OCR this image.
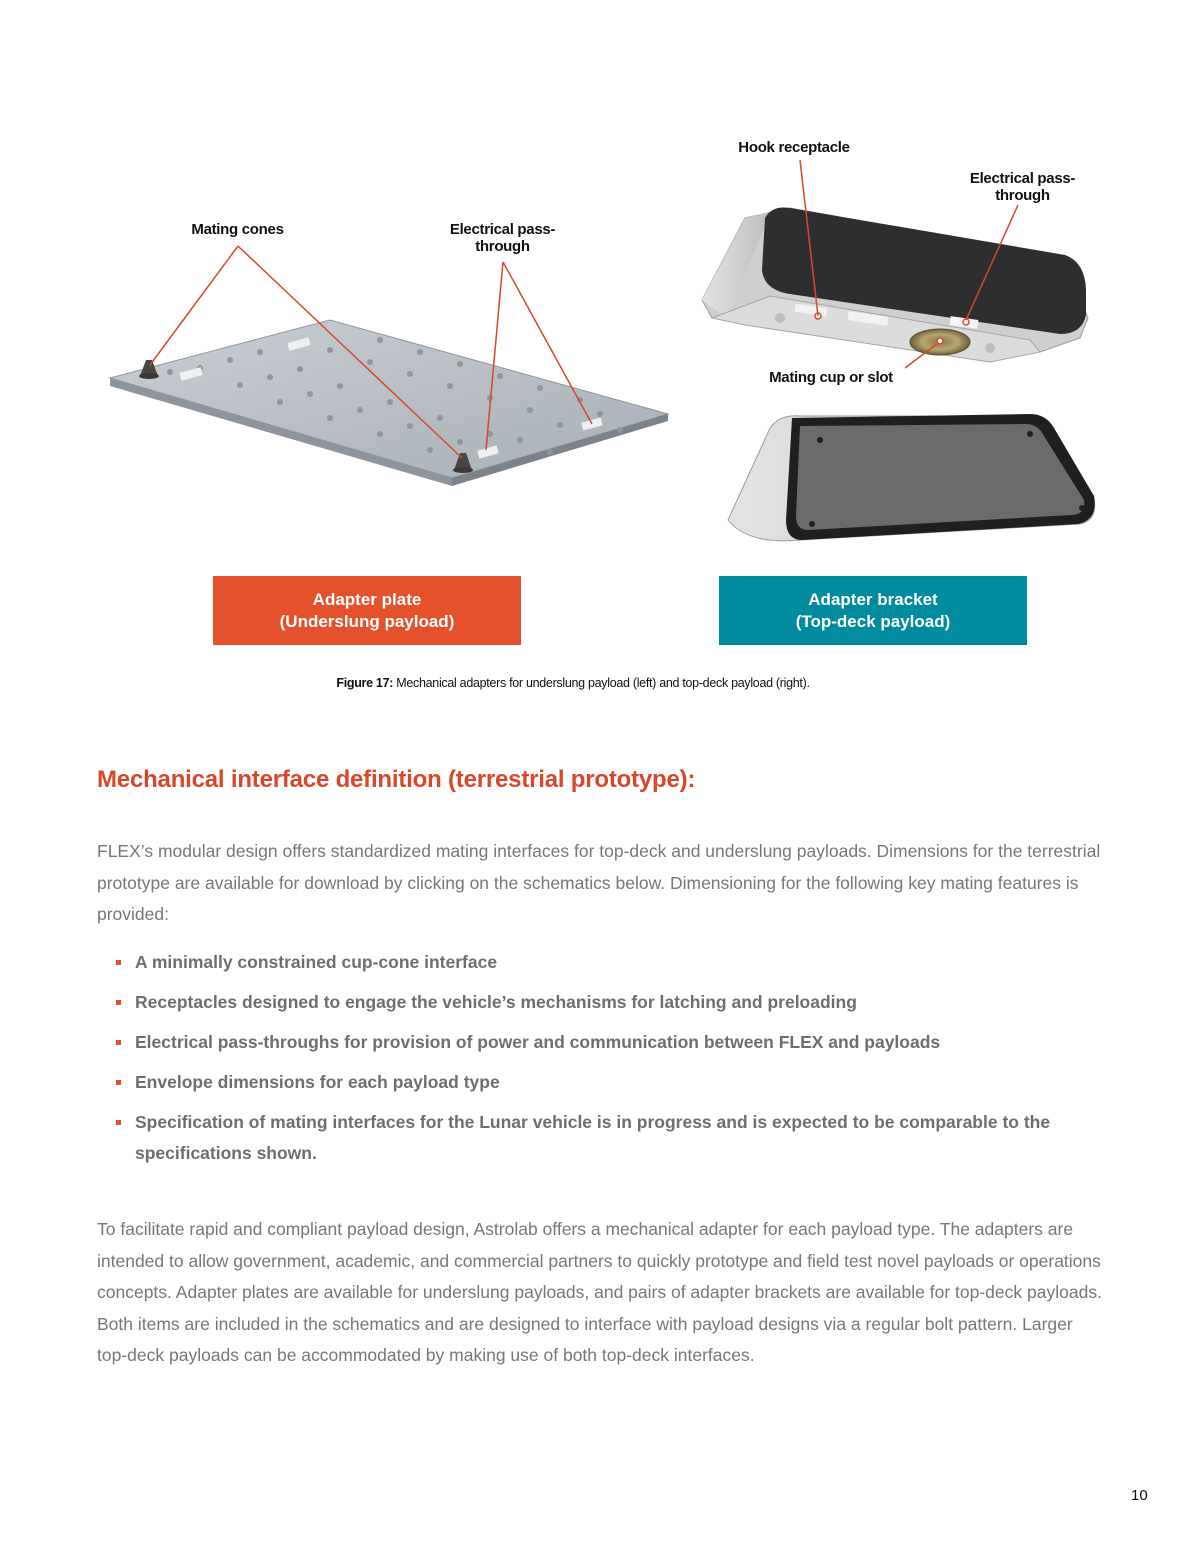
Mating cones	Electrical pass-
through
Hook receptacle
Electrical pass-
through
Mating cup or slot
Adapter plate
(Underslung payload)
Adapter bracket
(Top-deck payload)
Figure 17: Mechanical adapters for underslung payload (left) and top-deck payload (right).
Mechanical interface definition (terrestrial prototype):

FLEX’s modular design offers standardized mating interfaces for top-deck and underslung payloads. Dimensions for the terrestrial prototype are available for download by clicking on the schematics below. Dimensioning for the following key mating features is provided:

A minimally constrained cup-cone interface
Receptacles designed to engage the vehicle’s mechanisms for latching and preloading
Electrical pass-throughs for provision of power and communication between FLEX and payloads
Envelope dimensions for each payload type
Specification of mating interfaces for the Lunar vehicle is in progress and is expected to be comparable to the specifications shown.

To facilitate rapid and compliant payload design, Astrolab offers a mechanical adapter for each payload type. The adapters are intended to allow government, academic, and commercial partners to quickly prototype and field test novel payloads or operations concepts. Adapter plates are available for underslung payloads, and pairs of adapter brackets are available for top-deck payloads. Both items are included in the schematics and are designed to interface with payload designs via a regular bolt pattern. Larger top-deck payloads can be accommodated by making use of both top-deck interfaces.

10
